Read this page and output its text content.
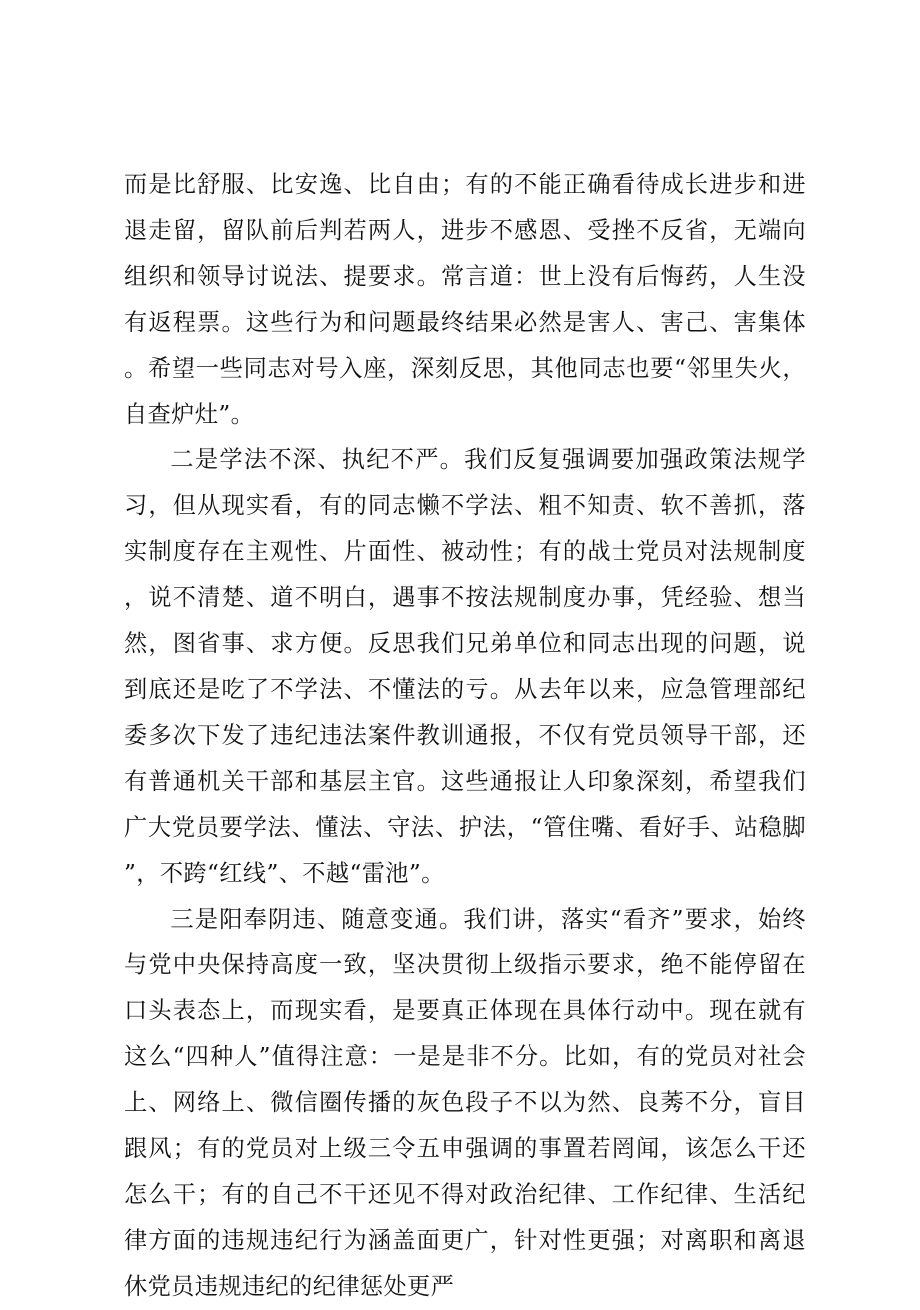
而是比舒服、比安逸、比自由；有的不能正确看待成长进步和进退走留，留队前后判若两人，进步不感恩、受挫不反省，无端向组织和领导讨说法、提要求。常言道：世上没有后悔药，人生没有返程票。这些行为和问题最终结果必然是害人、害己、害集体。希望一些同志对号入座，深刻反思，其他同志也要“邻里失火，自查炉灶”。

二是学法不深、执纪不严。我们反复强调要加强政策法规学习，但从现实看，有的同志懒不学法、粗不知责、软不善抓，落实制度存在主观性、片面性、被动性；有的战士党员对法规制度，说不清楚、道不明白，遇事不按法规制度办事，凭经验、想当然，图省事、求方便。反思我们兄弟单位和同志出现的问题，说到底还是吃了不学法、不懂法的亏。从去年以来，应急管理部纪委多次下发了违纪违法案件教训通报，不仅有党员领导干部，还有普通机关干部和基层主官。这些通报让人印象深刻，希望我们广大党员要学法、懂法、守法、护法，“管住嘴、看好手、站稳脚”，不跨“红线”、不越“雷池”。

三是阳奉阴违、随意变通。我们讲，落实“看齐”要求，始终与党中央保持高度一致，坚决贯彻上级指示要求，绝不能停留在口头表态上，而现实看，是要真正体现在具体行动中。现在就有这么“四种人”值得注意：一是是非不分。比如，有的党员对社会上、网络上、微信圈传播的灰色段子不以为然、良莠不分，盲目跟风；有的党员对上级三令五申强调的事置若罔闻，该怎么干还怎么干；有的自己不干还见不得对政治纪律、工作纪律、生活纪律方面的违规违纪行为涵盖面更广，针对性更强；对离职和离退休党员违规违纪的纪律惩处更严
